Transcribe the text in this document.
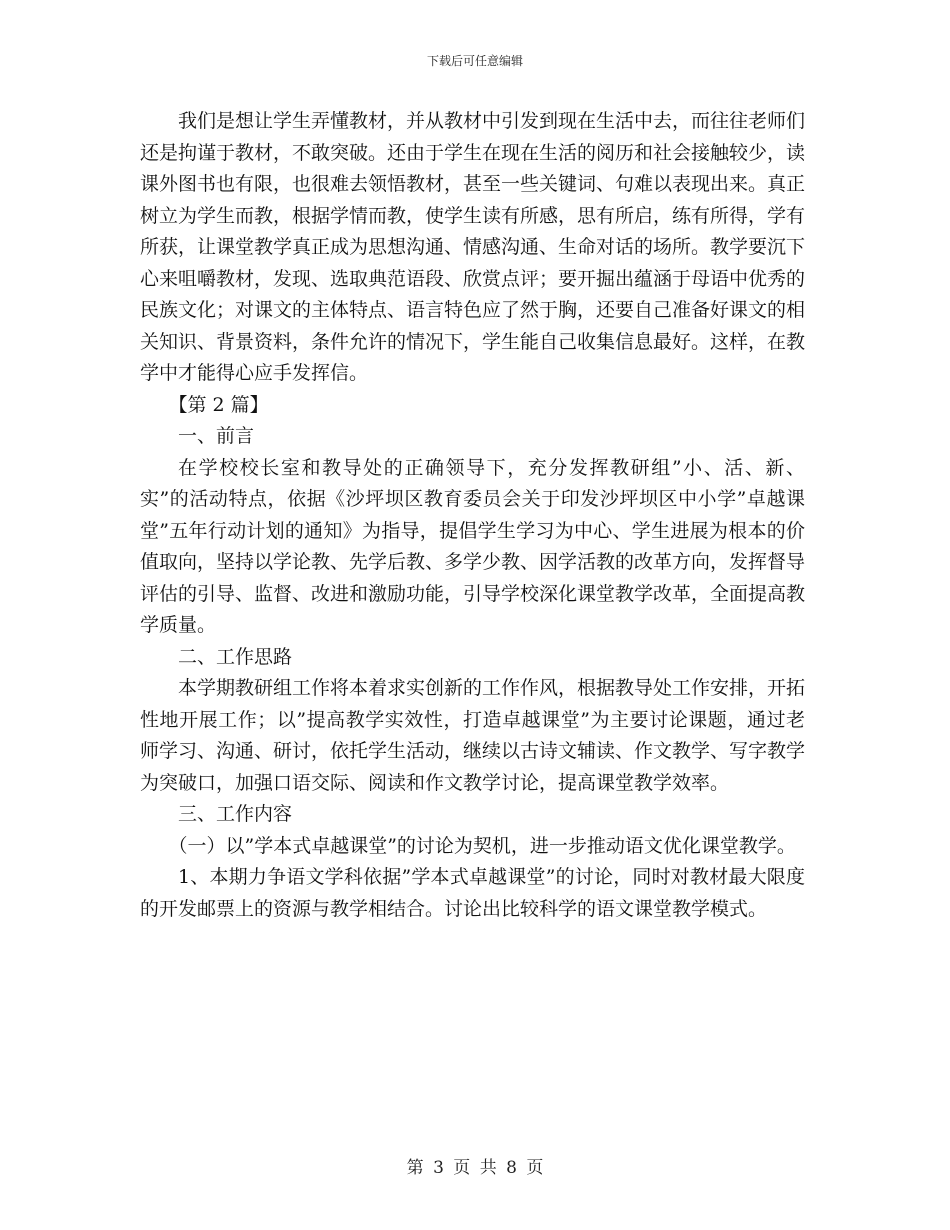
下载后可任意编辑

我们是想让学生弄懂教材，并从教材中引发到现在生活中去，而往往老师们还是拘谨于教材，不敢突破。还由于学生在现在生活的阅历和社会接触较少，读课外图书也有限，也很难去领悟教材，甚至一些关键词、句难以表现出来。真正树立为学生而教，根据学情而教，使学生读有所感，思有所启，练有所得，学有所获，让课堂教学真正成为思想沟通、情感沟通、生命对话的场所。教学要沉下心来咀嚼教材，发现、选取典范语段、欣赏点评；要开掘出蕴涵于母语中优秀的民族文化；对课文的主体特点、语言特色应了然于胸，还要自己准备好课文的相关知识、背景资料，条件允许的情况下，学生能自己收集信息最好。这样，在教学中才能得心应手发挥信。

【第 2 篇】

一、前言

在学校校长室和教导处的正确领导下，充分发挥教研组”小、活、新、实”的活动特点，依据《沙坪坝区教育委员会关于印发沙坪坝区中小学”卓越课堂”五年行动计划的通知》为指导，提倡学生学习为中心、学生进展为根本的价值取向，坚持以学论教、先学后教、多学少教、因学活教的改革方向，发挥督导评估的引导、监督、改进和激励功能，引导学校深化课堂教学改革，全面提高教学质量。

二、工作思路

本学期教研组工作将本着求实创新的工作作风，根据教导处工作安排，开拓性地开展工作；以”提高教学实效性，打造卓越课堂”为主要讨论课题，通过老师学习、沟通、研讨，依托学生活动，继续以古诗文辅读、作文教学、写字教学为突破口，加强口语交际、阅读和作文教学讨论，提高课堂教学效率。

三、工作内容

（一）以”学本式卓越课堂”的讨论为契机，进一步推动语文优化课堂教学。

1、本期力争语文学科依据”学本式卓越课堂”的讨论，同时对教材最大限度的开发邮票上的资源与教学相结合。讨论出比较科学的语文课堂教学模式。

第 3 页 共 8 页
